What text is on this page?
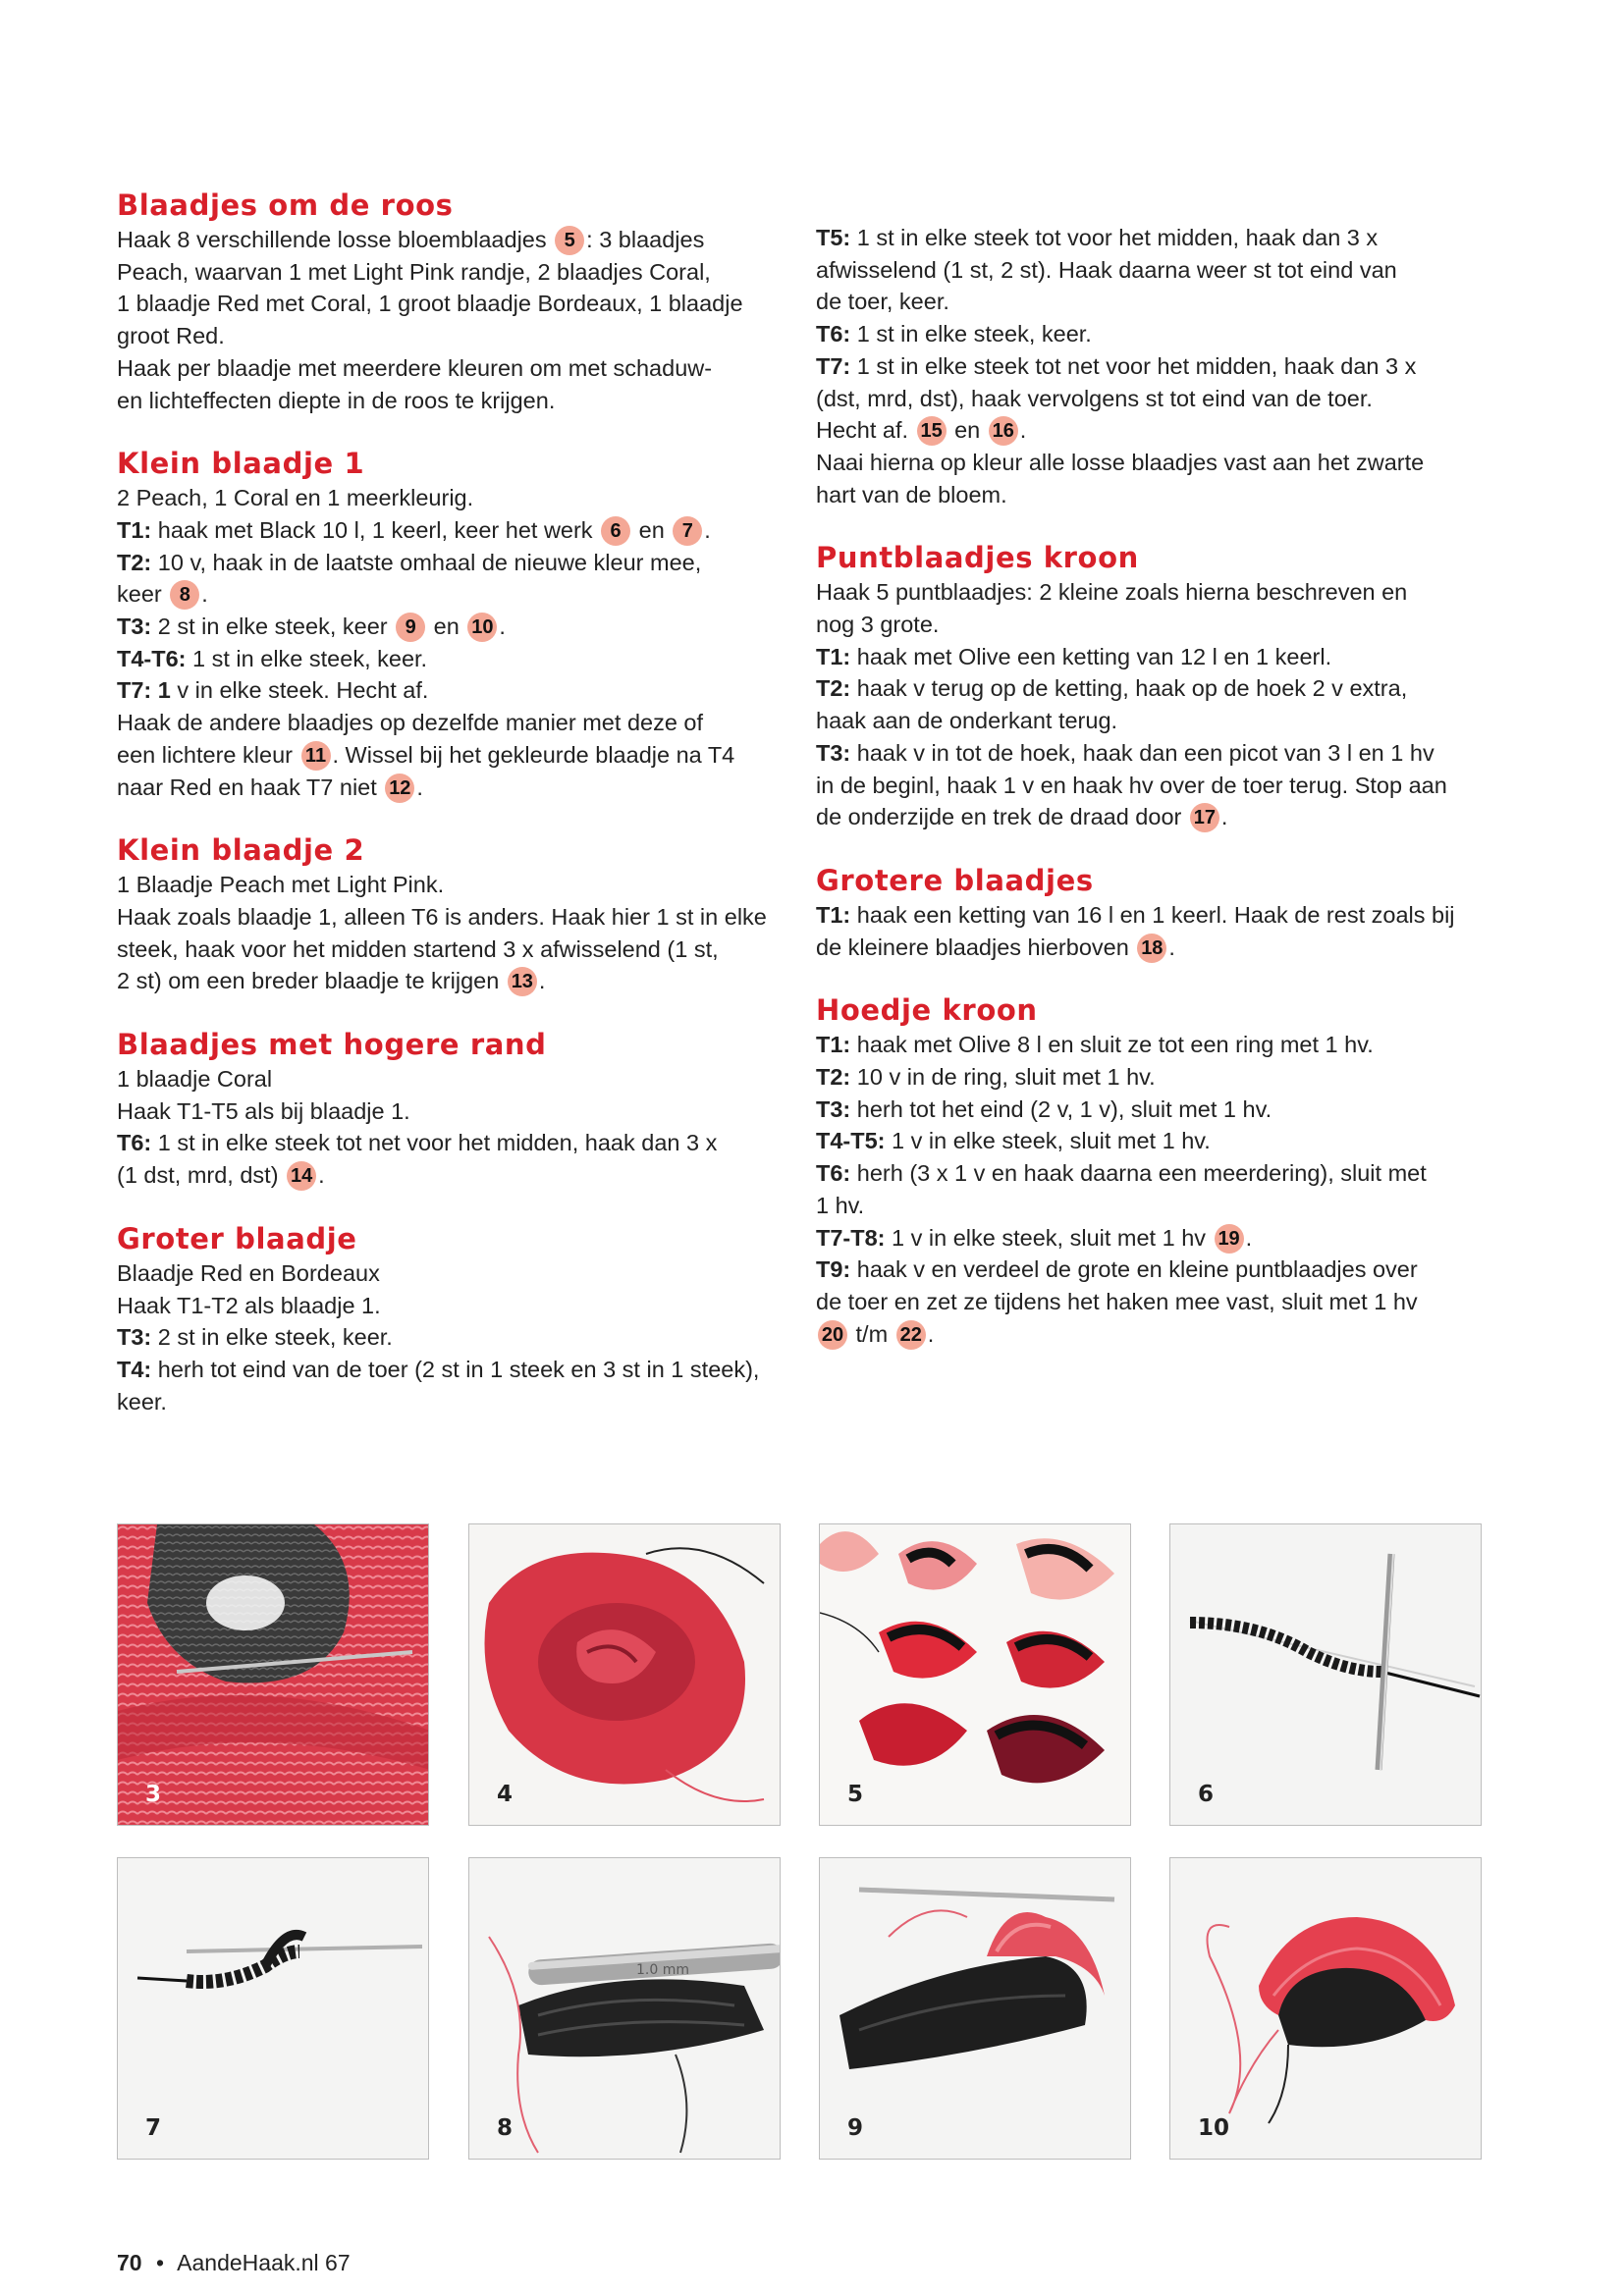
Blaadjes om de roos
Haak 8 verschillende losse bloemblaadjes 5 : 3 blaadjes
Peach, waarvan 1 met Light Pink randje, 2 blaadjes Coral,
1 blaadje Red met Coral, 1 groot blaadje Bordeaux, 1 blaadje
groot Red.
Haak per blaadje met meerdere kleuren om met schaduw-
en lichteffecten diepte in de roos te krijgen.
Klein blaadje 1
2 Peach, 1 Coral en 1 meerkleurig.
T1: haak met Black 10 l, 1 keerl, keer het werk 6 en 7 .
T2: 10 v, haak in de laatste omhaal de nieuwe kleur mee,
keer 8 .
T3: 2 st in elke steek, keer 9 en 10 .
T4-T6: 1 st in elke steek, keer.
T7: 1 v in elke steek. Hecht af.
Haak de andere blaadjes op dezelfde manier met deze of
een lichtere kleur 11 . Wissel bij het gekleurde blaadje na T4
naar Red en haak T7 niet 12 .
Klein blaadje 2
1 Blaadje Peach met Light Pink.
Haak zoals blaadje 1, alleen T6 is anders. Haak hier 1 st in elke
steek, haak voor het midden startend 3 x afwisselend (1 st,
2 st) om een breder blaadje te krijgen 13 .
Blaadjes met hogere rand
1 blaadje Coral
Haak T1-T5 als bij blaadje 1.
T6: 1 st in elke steek tot net voor het midden, haak dan 3 x
(1 dst, mrd, dst) 14 .
Groter blaadje
Blaadje Red en Bordeaux
Haak T1-T2 als blaadje 1.
T3: 2 st in elke steek, keer.
T4: herh tot eind van de toer (2 st in 1 steek en 3 st in 1 steek),
keer.
T5: 1 st in elke steek tot voor het midden, haak dan 3 x
afwisselend (1 st, 2 st). Haak daarna weer st tot eind van
de toer, keer.
T6: 1 st in elke steek, keer.
T7: 1 st in elke steek tot net voor het midden, haak dan 3 x
(dst, mrd, dst), haak vervolgens st tot eind van de toer.
Hecht af. 15 en 16 .
Naai hierna op kleur alle losse blaadjes vast aan het zwarte
hart van de bloem.
Puntblaadjes kroon
Haak 5 puntblaadjes: 2 kleine zoals hierna beschreven en
nog 3 grote.
T1: haak met Olive een ketting van 12 l en 1 keerl.
T2: haak v terug op de ketting, haak op de hoek 2 v extra,
haak aan de onderkant terug.
T3: haak v in tot de hoek, haak dan een picot van 3 l en 1 hv
in de beginl, haak 1 v en haak hv over de toer terug. Stop aan
de onderzijde en trek de draad door 17 .
Grotere blaadjes
T1: haak een ketting van 16 l en 1 keerl. Haak de rest zoals bij
de kleinere blaadjes hierboven 18 .
Hoedje kroon
T1: haak met Olive 8 l en sluit ze tot een ring met 1 hv.
T2: 10 v in de ring, sluit met 1 hv.
T3: herh tot het eind (2 v, 1 v), sluit met 1 hv.
T4-T5: 1 v in elke steek, sluit met 1 hv.
T6: herh (3 x 1 v en haak daarna een meerdering), sluit met
1 hv.
T7-T8: 1 v in elke steek, sluit met 1 hv 19 .
T9: haak v en verdeel de grote en kleine puntblaadjes over
de toer en zet ze tijdens het haken mee vast, sluit met 1 hv
20 t/m 22 .
3	4	5	6
7
1.0 mm
8	9	10
70 • AandeHaak.nl 67
